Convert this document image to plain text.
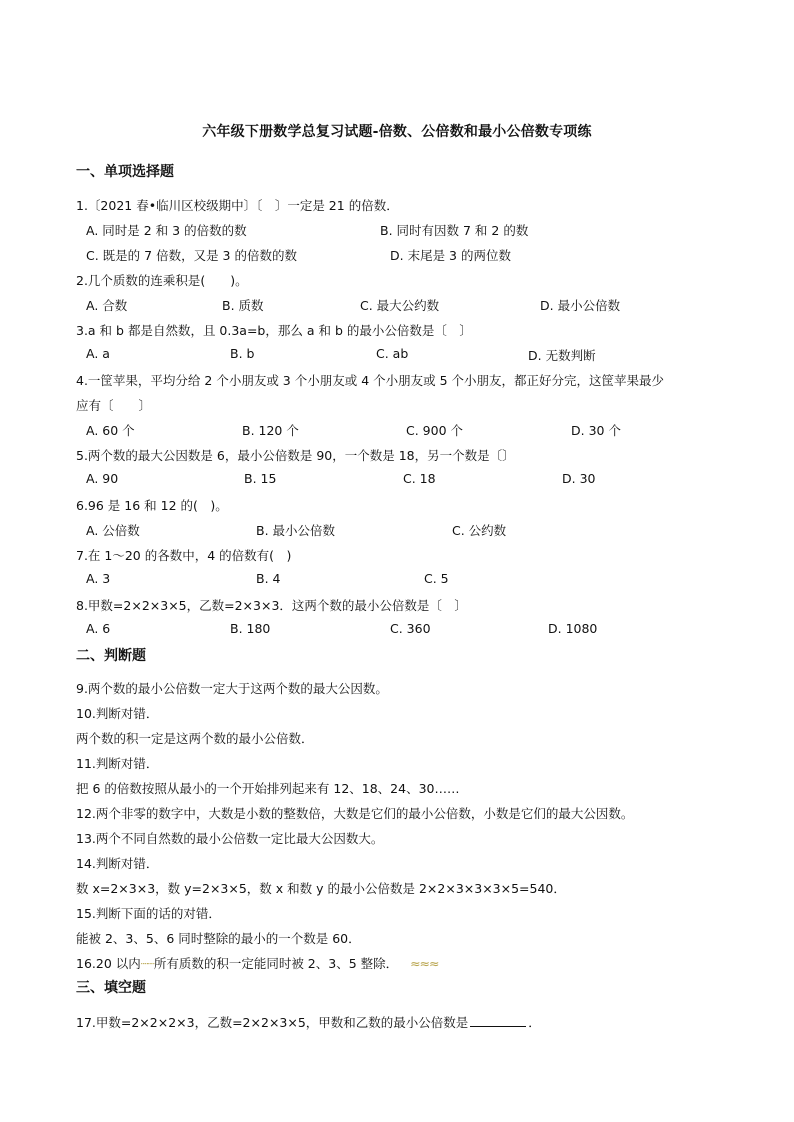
六年级下册数学总复习试题-倍数、公倍数和最小公倍数专项练
一、单项选择题
1.〔2021 春•临川区校级期中〕〔　〕一定是 21 的倍数．
A. 同时是 2 和 3 的倍数的数	B. 同时有因数 7 和 2 的数
C. 既是的 7 倍数，又是 3 的倍数的数	D. 末尾是 3 的两位数
2.几个质数的连乘积是(　　)。
A. 合数	B. 质数	C. 最大公约数	D. 最小公倍数
3.a 和 b 都是自然数，且 0.3a=b，那么 a 和 b 的最小公倍数是〔　〕
A. a	B. b	C. ab	D. 无数判断
4.一筐苹果，平均分给 2 个小朋友或 3 个小朋友或 4 个小朋友或 5 个小朋友，都正好分完，这筐苹果最少
应有〔　　〕
A. 60 个	B. 120 个	C. 900 个	D. 30 个
5.两个数的最大公因数是 6，最小公倍数是 90，一个数是 18，另一个数是〔〕
A. 90	B. 15	C. 18	D. 30
6.96 是 16 和 12 的(　)。
A. 公倍数	B. 最小公倍数	C. 公约数
7.在 1～20 的各数中，4 的倍数有(　)
A. 3	B. 4	C. 5
8.甲数=2×2×3×5，乙数=2×3×3．这两个数的最小公倍数是〔　〕
A. 6	B. 180	C. 360	D. 1080
二、判断题
9.两个数的最小公倍数一定大于这两个数的最大公因数。
10.判断对错．
两个数的积一定是这两个数的最小公倍数．
11.判断对错．
把 6 的倍数按照从最小的一个开始排列起来有 12、18、24、30……
12.两个非零的数字中，大数是小数的整数倍，大数是它们的最小公倍数，小数是它们的最大公因数。
13.两个不同自然数的最小公倍数一定比最大公因数大。
14.判断对错．
数 x=2×3×3，数 y=2×3×5，数 x 和数 y 的最小公倍数是 2×2×3×3×3×5=540．
15.判断下面的话的对错．
能被 2、3、5、6 同时整除的最小的一个数是 60．
16.20 以内┈┈所有质数的积一定能同时被 2、3、5 整除． ≈≈≈
三、填空题
17.甲数=2×2×2×3，乙数=2×2×3×5，甲数和乙数的最小公倍数是	．
